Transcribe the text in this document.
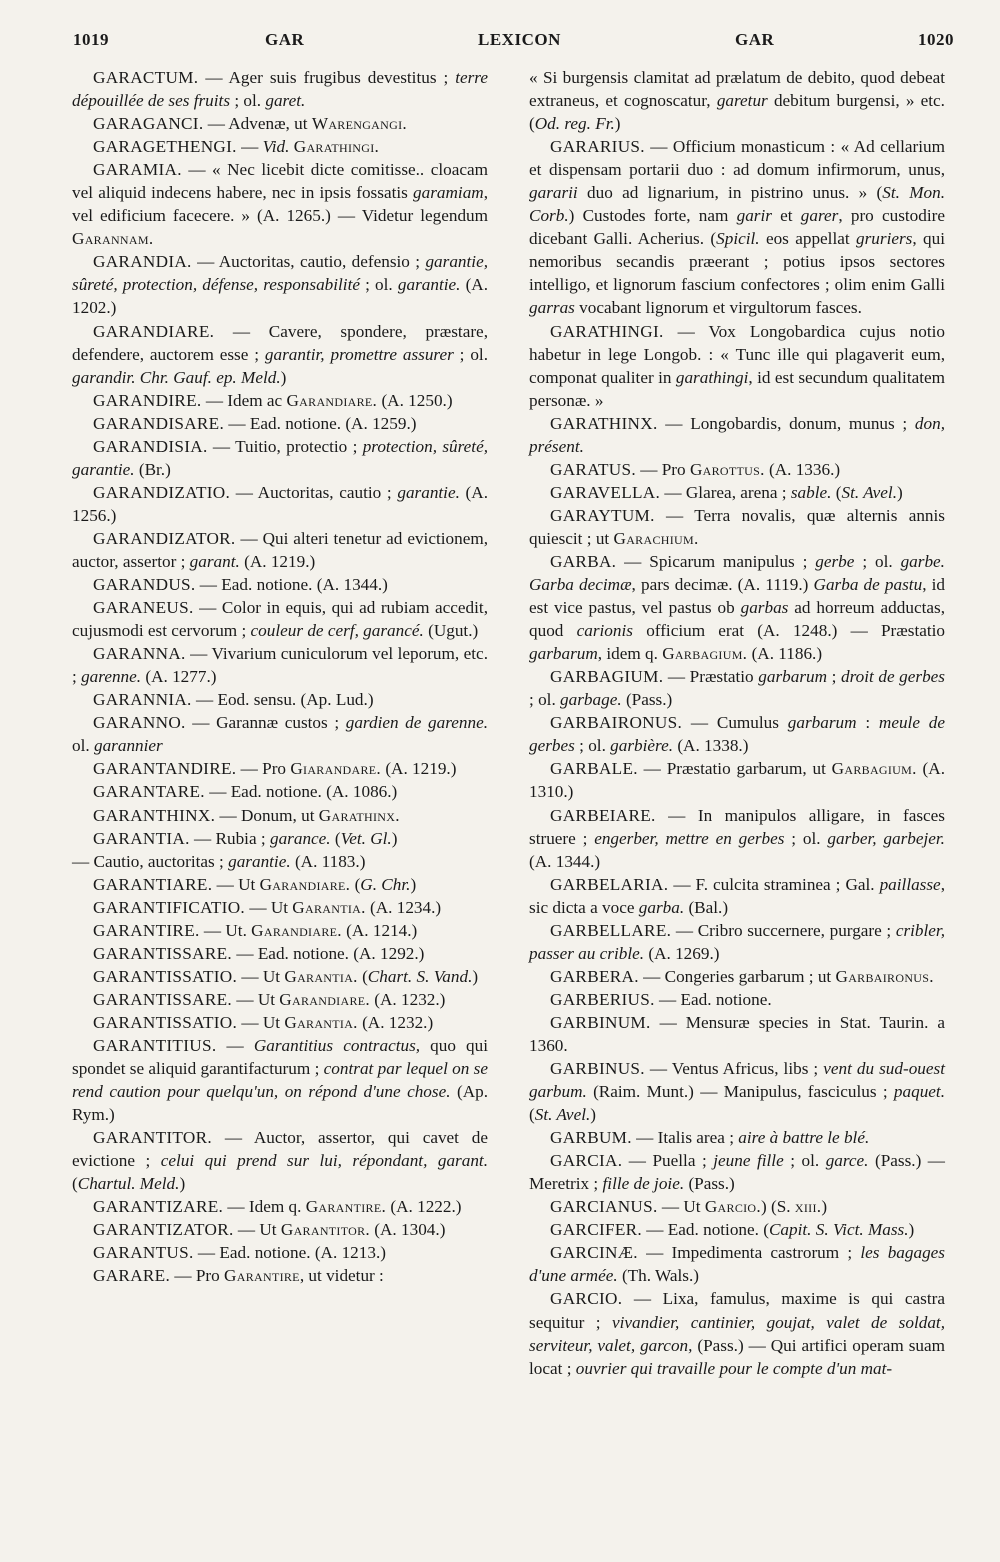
1019	GAR	LEXICON	GAR	1020

GARACTUM. — Ager suis frugibus devestitus ; terre dépouillée de ses fruits ; ol. garet.

GARAGANCI. — Advenæ, ut Warengangi.

GARAGETHENGI. — Vid. Garathingi.

GARAMIA. — « Nec licebit dicte comitisse.. cloacam vel aliquid indecens habere, nec in ipsis fossatis garamiam, vel edificium facecere. » (A. 1265.) — Videtur legendum Garannam.

GARANDIA. — Auctoritas, cautio, defensio ; garantie, sûreté, protection, défense, responsabilité ; ol. garantie. (A. 1202.)

GARANDIARE. — Cavere, spondere, præstare, defendere, auctorem esse ; garantir, promettre assurer ; ol. garandir. Chr. Gauf. ep. Meld.)

GARANDIRE. — Idem ac Garandiare. (A. 1250.)

GARANDISARE. — Ead. notione. (A. 1259.)

GARANDISIA. — Tuitio, protectio ; protection, sûreté, garantie. (Br.)

GARANDIZATIO. — Auctoritas, cautio ; garantie. (A. 1256.)

GARANDIZATOR. — Qui alteri tenetur ad evictionem, auctor, assertor ; garant. (A. 1219.)

GARANDUS. — Ead. notione. (A. 1344.)

GARANEUS. — Color in equis, qui ad rubiam accedit, cujusmodi est cervorum ; couleur de cerf, garancé. (Ugut.)

GARANNA. — Vivarium cuniculorum vel leporum, etc. ; garenne. (A. 1277.)

GARANNIA. — Eod. sensu. (Ap. Lud.)

GARANNO. — Garannæ custos ; gardien de garenne. ol. garannier

GARANTANDIRE. — Pro Giarandare. (A. 1219.)

GARANTARE. — Ead. notione. (A. 1086.)

GARANTHINX. — Donum, ut Garathinx.

GARANTIA. — Rubia ; garance. (Vet. Gl.)

— Cautio, auctoritas ; garantie. (A. 1183.)

GARANTIARE. — Ut Garandiare. (G. Chr.)

GARANTIFICATIO. — Ut Garantia. (A. 1234.)

GARANTIRE. — Ut. Garandiare. (A. 1214.)

GARANTISSARE. — Ead. notione. (A. 1292.)

GARANTISSATIO. — Ut Garantia. (Chart. S. Vand.)

GARANTISSARE. — Ut Garandiare. (A. 1232.)

GARANTISSATIO. — Ut Garantia. (A. 1232.)

GARANTITIUS. — Garantitius contractus, quo qui spondet se aliquid garantifacturum ; contrat par lequel on se rend caution pour quelqu'un, on répond d'une chose. (Ap. Rym.)

GARANTITOR. — Auctor, assertor, qui cavet de evictione ; celui qui prend sur lui, répondant, garant. (Chartul. Meld.)

GARANTIZARE. — Idem q. Garantire. (A. 1222.)

GARANTIZATOR. — Ut Garantitor. (A. 1304.)

GARANTUS. — Ead. notione. (A. 1213.)

GARARE. — Pro Garantire, ut videtur :

« Si burgensis clamitat ad prælatum de debito, quod debeat extraneus, et cognoscatur, garetur debitum burgensi, » etc. (Od. reg. Fr.)

GARARIUS. — Officium monasticum : « Ad cellarium et dispensam portarii duo : ad domum infirmorum, unus, gararii duo ad lignarium, in pistrino unus. » (St. Mon. Corb.) Custodes forte, nam garir et garer, pro custodire dicebant Galli. Acherius. (Spicil. eos appellat gruriers, qui nemoribus secandis præerant ; potius ipsos sectores intelligo, et lignorum fascium confectores ; olim enim Galli garras vocabant lignorum et virgultorum fasces.

GARATHINGI. — Vox Longobardica cujus notio habetur in lege Longob. : « Tunc ille qui plagaverit eum, componat qualiter in garathingi, id est secundum qualitatem personæ. »

GARATHINX. — Longobardis, donum, munus ; don, présent.

GARATUS. — Pro Garottus. (A. 1336.)

GARAVELLA. — Glarea, arena ; sable. (St. Avel.)

GARAYTUM. — Terra novalis, quæ alternis annis quiescit ; ut Garachium.

GARBA. — Spicarum manipulus ; gerbe ; ol. garbe. Garba decimæ, pars decimæ. (A. 1119.) Garba de pastu, id est vice pastus, vel pastus ob garbas ad horreum adductas, quod carionis officium erat (A. 1248.) — Præstatio garbarum, idem q. Garbagium. (A. 1186.)

GARBAGIUM. — Præstatio garbarum ; droit de gerbes ; ol. garbage. (Pass.)

GARBAIRONUS. — Cumulus garbarum : meule de gerbes ; ol. garbière. (A. 1338.)

GARBALE. — Præstatio garbarum, ut Garbagium. (A. 1310.)

GARBEIARE. — In manipulos alligare, in fasces struere ; engerber, mettre en gerbes ; ol. garber, garbejer. (A. 1344.)

GARBELARIA. — F. culcita straminea ; Gal. paillasse, sic dicta a voce garba. (Bal.)

GARBELLARE. — Cribro succernere, purgare ; cribler, passer au crible. (A. 1269.)

GARBERA. — Congeries garbarum ; ut Garbaironus.

GARBERIUS. — Ead. notione.

GARBINUM. — Mensuræ species in Stat. Taurin. a 1360.

GARBINUS. — Ventus Africus, libs ; vent du sud-ouest garbum. (Raim. Munt.) — Manipulus, fasciculus ; paquet. (St. Avel.)

GARBUM. — Italis area ; aire à battre le blé.

GARCIA. — Puella ; jeune fille ; ol. garce. (Pass.) — Meretrix ; fille de joie. (Pass.)

GARCIANUS. — Ut Garcio.) (S. xiii.)

GARCIFER. — Ead. notione. (Capit. S. Vict. Mass.)

GARCINÆ. — Impedimenta castrorum ; les bagages d'une armée. (Th. Wals.)

GARCIO. — Lixa, famulus, maxime is qui castra sequitur ; vivandier, cantinier, goujat, valet de soldat, serviteur, valet, garcon, (Pass.) — Qui artifici operam suam locat ; ouvrier qui travaille pour le compte d'un mat-
